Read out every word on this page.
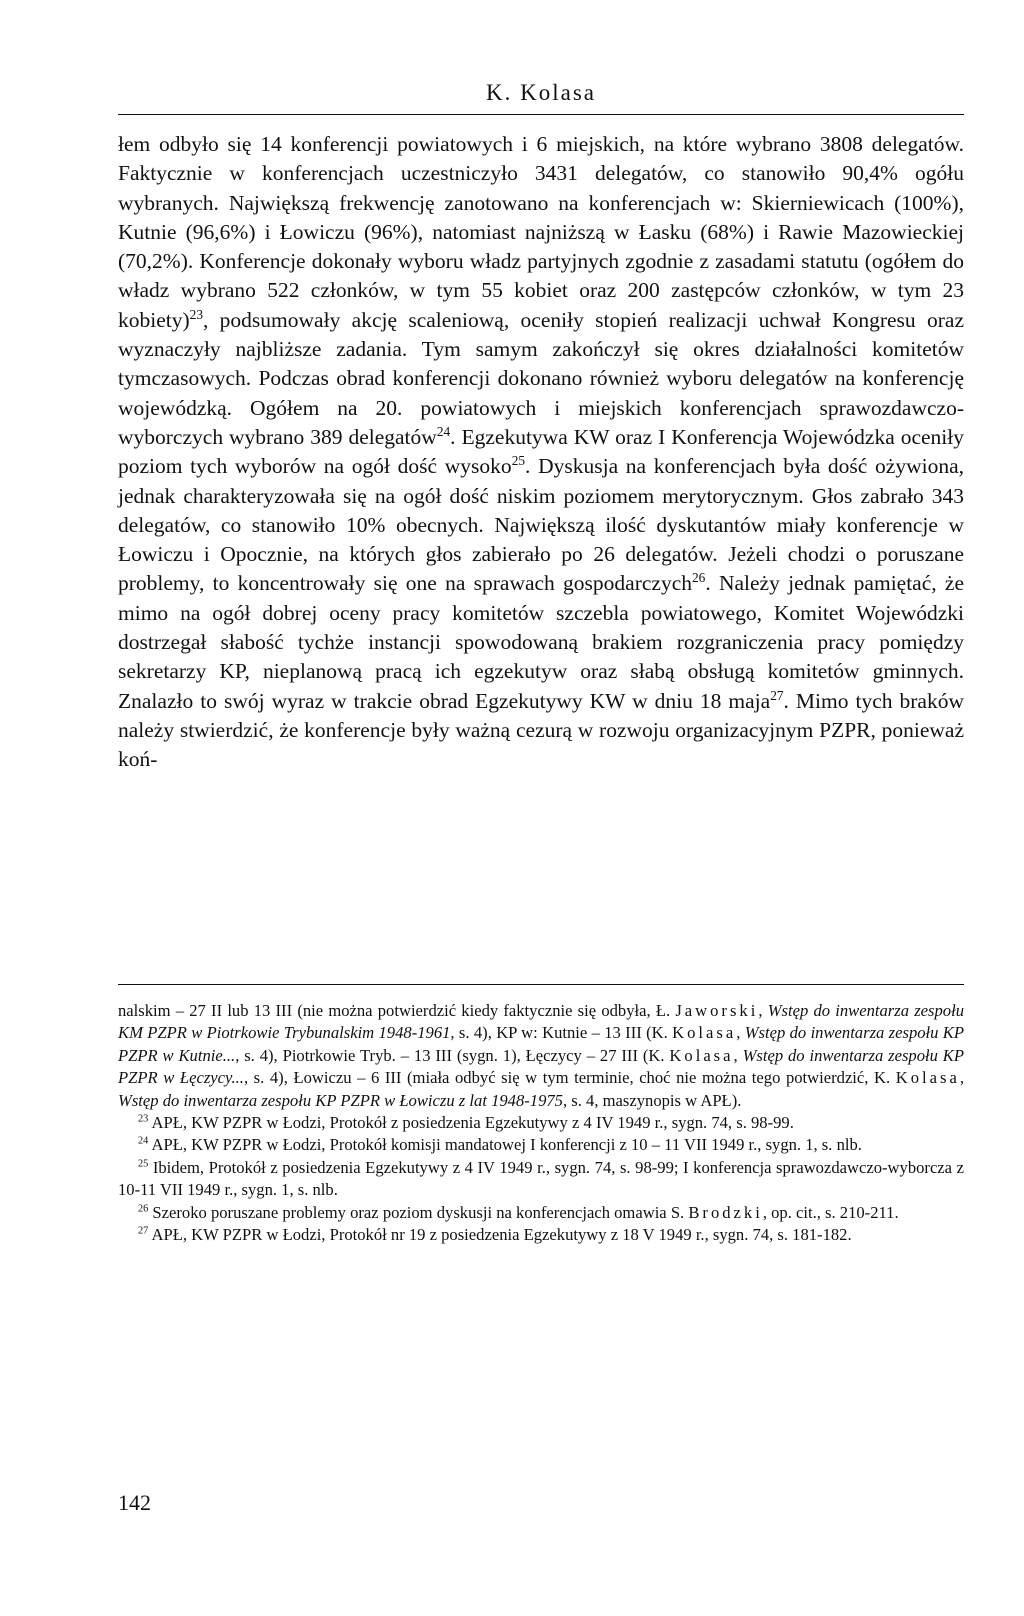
K. Kolasa
łem odbyło się 14 konferencji powiatowych i 6 miejskich, na które wybrano 3808 delegatów. Faktycznie w konferencjach uczestniczyło 3431 delegatów, co stanowiło 90,4% ogółu wybranych. Największą frekwencję zanotowano na konferencjach w: Skierniewicach (100%), Kutnie (96,6%) i Łowiczu (96%), natomiast najniższą w Łasku (68%) i Rawie Mazowieckiej (70,2%). Konferencje dokonały wyboru władz partyjnych zgodnie z zasadami statutu (ogółem do władz wybrano 522 członków, w tym 55 kobiet oraz 200 zastępców członków, w tym 23 kobiety)$^{23}$, podsumowały akcję scaleniową, oceniły stopień realizacji uchwał Kongresu oraz wyznaczyły najbliższe zadania. Tym samym zakończył się okres działalności komitetów tymczasowych. Podczas obrad konferencji dokonano również wyboru delegatów na konferencję wojewódzką. Ogółem na 20. powiatowych i miejskich konferencjach sprawozdawczo-wyborczych wybrano 389 delegatów$^{24}$. Egzekutywa KW oraz I Konferencja Wojewódzka oceniły poziom tych wyborów na ogół dość wysoko$^{25}$. Dyskusja na konferencjach była dość ożywiona, jednak charakteryzowała się na ogół dość niskim poziomem merytorycznym. Głos zabrało 343 delegatów, co stanowiło 10% obecnych. Największą ilość dyskutantów miały konferencje w Łowiczu i Opocznie, na których głos zabierało po 26 delegatów. Jeżeli chodzi o poruszane problemy, to koncentrowały się one na sprawach gospodarczych$^{26}$. Należy jednak pamiętać, że mimo na ogół dobrej oceny pracy komitetów szczebla powiatowego, Komitet Wojewódzki dostrzegał słabość tychże instancji spowodowaną brakiem rozgraniczenia pracy pomiędzy sekretarzy KP, nieplanową pracą ich egzekutyw oraz słabą obsługą komitetów gminnych. Znalazło to swój wyraz w trakcie obrad Egzekutywy KW w dniu 18 maja$^{27}$. Mimo tych braków należy stwierdzić, że konferencje były ważną cezurą w rozwoju organizacyjnym PZPR, ponieważ koń-

nalskim – 27 II lub 13 III (nie można potwierdzić kiedy faktycznie się odbyła, Ł. Jaworski, Wstęp do inwentarza zespołu KM PZPR w Piotrkowie Trybunalskim 1948-1961, s. 4), KP w: Kutnie – 13 III (K. Kolasa, Wstęp do inwentarza zespołu KP PZPR w Kutnie..., s. 4), Piotrkowie Tryb. – 13 III (sygn. 1), Łęczycy – 27 III (K. Kolasa, Wstęp do inwentarza zespołu KP PZPR w Łęczycy..., s. 4), Łowiczu – 6 III (miała odbyć się w tym terminie, choć nie można tego potwierdzić, K. Kolasa, Wstęp do inwentarza zespołu KP PZPR w Łowiczu z lat 1948-1975, s. 4, maszynopis w APŁ).

$^{23}$ APŁ, KW PZPR w Łodzi, Protokół z posiedzenia Egzekutywy z 4 IV 1949 r., sygn. 74, s. 98-99.

$^{24}$ APŁ, KW PZPR w Łodzi, Protokół komisji mandatowej I konferencji z 10 – 11 VII 1949 r., sygn. 1, s. nlb.

$^{25}$ Ibidem, Protokół z posiedzenia Egzekutywy z 4 IV 1949 r., sygn. 74, s. 98-99; I konferencja sprawozdawczo-wyborcza z 10-11 VII 1949 r., sygn. 1, s. nlb.

$^{26}$ Szeroko poruszane problemy oraz poziom dyskusji na konferencjach omawia S. Brodzki, op. cit., s. 210-211.

$^{27}$ APŁ, KW PZPR w Łodzi, Protokół nr 19 z posiedzenia Egzekutywy z 18 V 1949 r., sygn. 74, s. 181-182.

142
